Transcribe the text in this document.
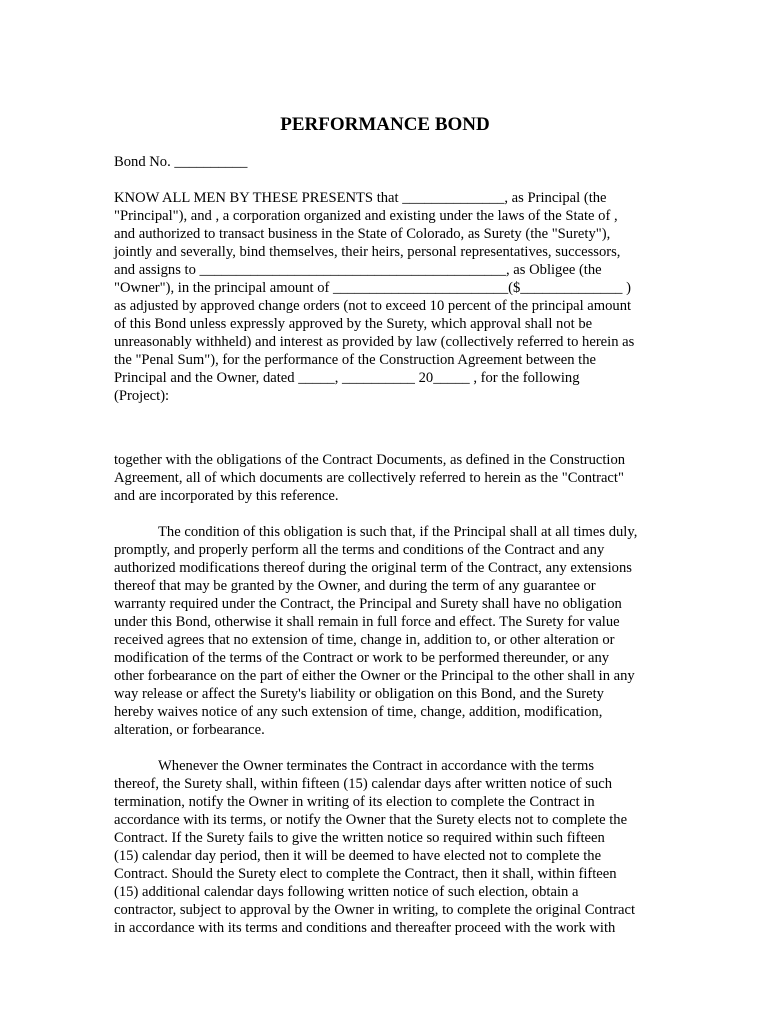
PERFORMANCE BOND

Bond No. __________

KNOW ALL MEN BY THESE PRESENTS that ______________, as Principal (the

"Principal"), and , a corporation organized and existing under the laws of the State of ,

and authorized to transact business in the State of Colorado, as Surety (the "Surety"),

jointly and severally, bind themselves, their heirs, personal representatives, successors,

and assigns to __________________________________________, as Obligee (the

"Owner"), in the principal amount of ________________________($______________ )

as adjusted by approved change orders (not to exceed 10 percent of the principal amount

of this Bond unless expressly approved by the Surety, which approval shall not be

unreasonably withheld) and interest as provided by law (collectively referred to herein as

the "Penal Sum"), for the performance of the Construction Agreement between the

Principal and the Owner, dated _____, __________ 20_____ , for the following

(Project):

together with the obligations of the Contract Documents, as defined in the Construction

Agreement, all of which documents are collectively referred to herein as the "Contract"

and are incorporated by this reference.

The condition of this obligation is such that, if the Principal shall at all times duly,

promptly, and properly perform all the terms and conditions of the Contract and any

authorized modifications thereof during the original term of the Contract, any extensions

thereof that may be granted by the Owner, and during the term of any guarantee or

warranty required under the Contract, the Principal and Surety shall have no obligation

under this Bond, otherwise it shall remain in full force and effect. The Surety for value

received agrees that no extension of time, change in, addition to, or other alteration or

modification of the terms of the Contract or work to be performed thereunder, or any

other forbearance on the part of either the Owner or the Principal to the other shall in any

way release or affect the Surety's liability or obligation on this Bond, and the Surety

hereby waives notice of any such extension of time, change, addition, modification,

alteration, or forbearance.

Whenever the Owner terminates the Contract in accordance with the terms

thereof, the Surety shall, within fifteen (15) calendar days after written notice of such

termination, notify the Owner in writing of its election to complete the Contract in

accordance with its terms, or notify the Owner that the Surety elects not to complete the

Contract. If the Surety fails to give the written notice so required within such fifteen

(15) calendar day period, then it will be deemed to have elected not to complete the

Contract. Should the Surety elect to complete the Contract, then it shall, within fifteen

(15) additional calendar days following written notice of such election, obtain a

contractor, subject to approval by the Owner in writing, to complete the original Contract

in accordance with its terms and conditions and thereafter proceed with the work with
